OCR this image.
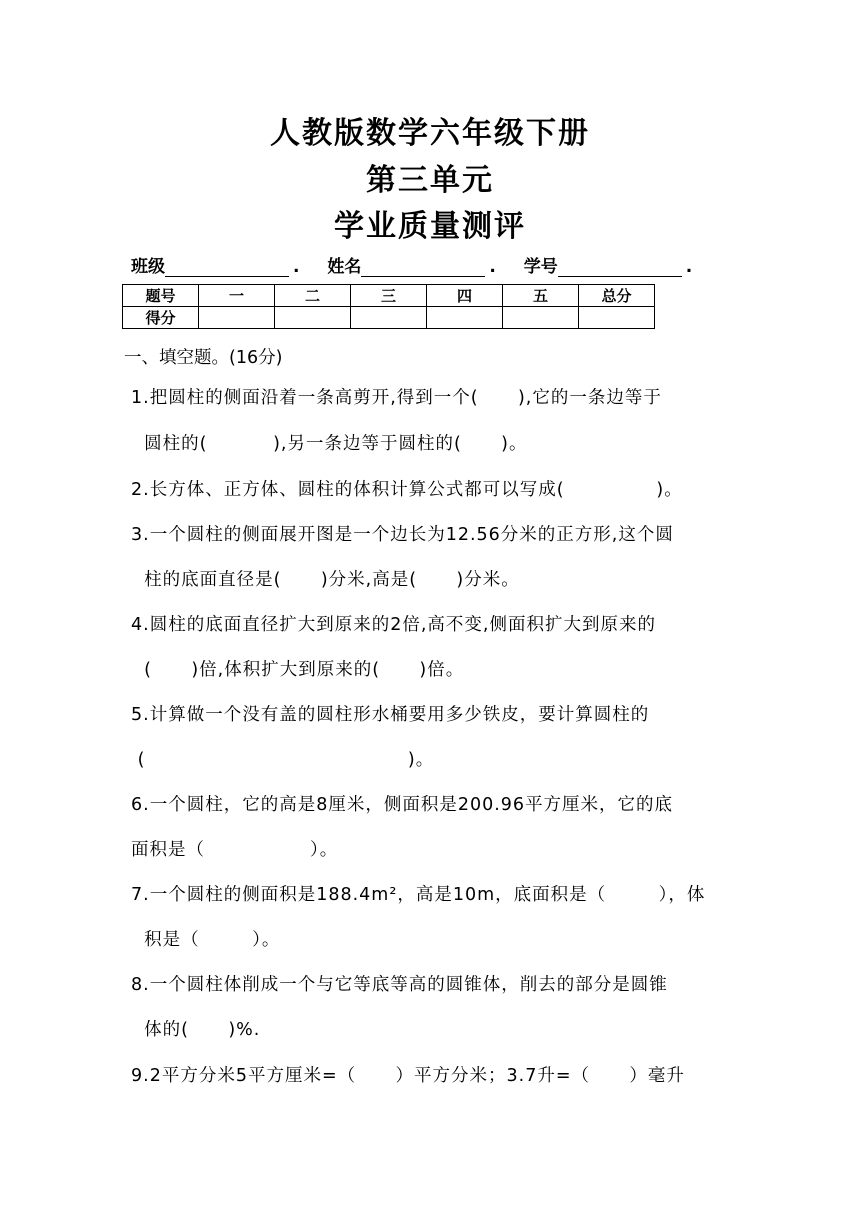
人教版数学六年级下册
第三单元
学业质量测评
班级	. 姓名	. 学号	.
题号	一	二	三	四	五	总分
得分						
一、填空题。(16分)
1.把圆柱的侧面沿着一条高剪开,得到一个(      ),它的一条边等于
圆柱的(          ),另一条边等于圆柱的(      )。
2.长方体、正方体、圆柱的体积计算公式都可以写成(              )。
3.一个圆柱的侧面展开图是一个边长为12.56分米的正方形,这个圆
柱的底面直径是(      )分米,高是(      )分米。
4.圆柱的底面直径扩大到原来的2倍,高不变,侧面积扩大到原来的
(      )倍,体积扩大到原来的(      )倍。
5.计算做一个没有盖的圆柱形水桶要用多少铁皮，要计算圆柱的
(                                        )。
6.一个圆柱，它的高是8厘米，侧面积是200.96平方厘米，它的底
面积是（                ）。
7.一个圆柱的侧面积是188.4m²，高是10m，底面积是（        ），体
积是（        ）。
8.一个圆柱体削成一个与它等底等高的圆锥体，削去的部分是圆锥
体的(      )%.
9.2平方分米5平方厘米=（      ）平方分米；3.7升=（      ）毫升
